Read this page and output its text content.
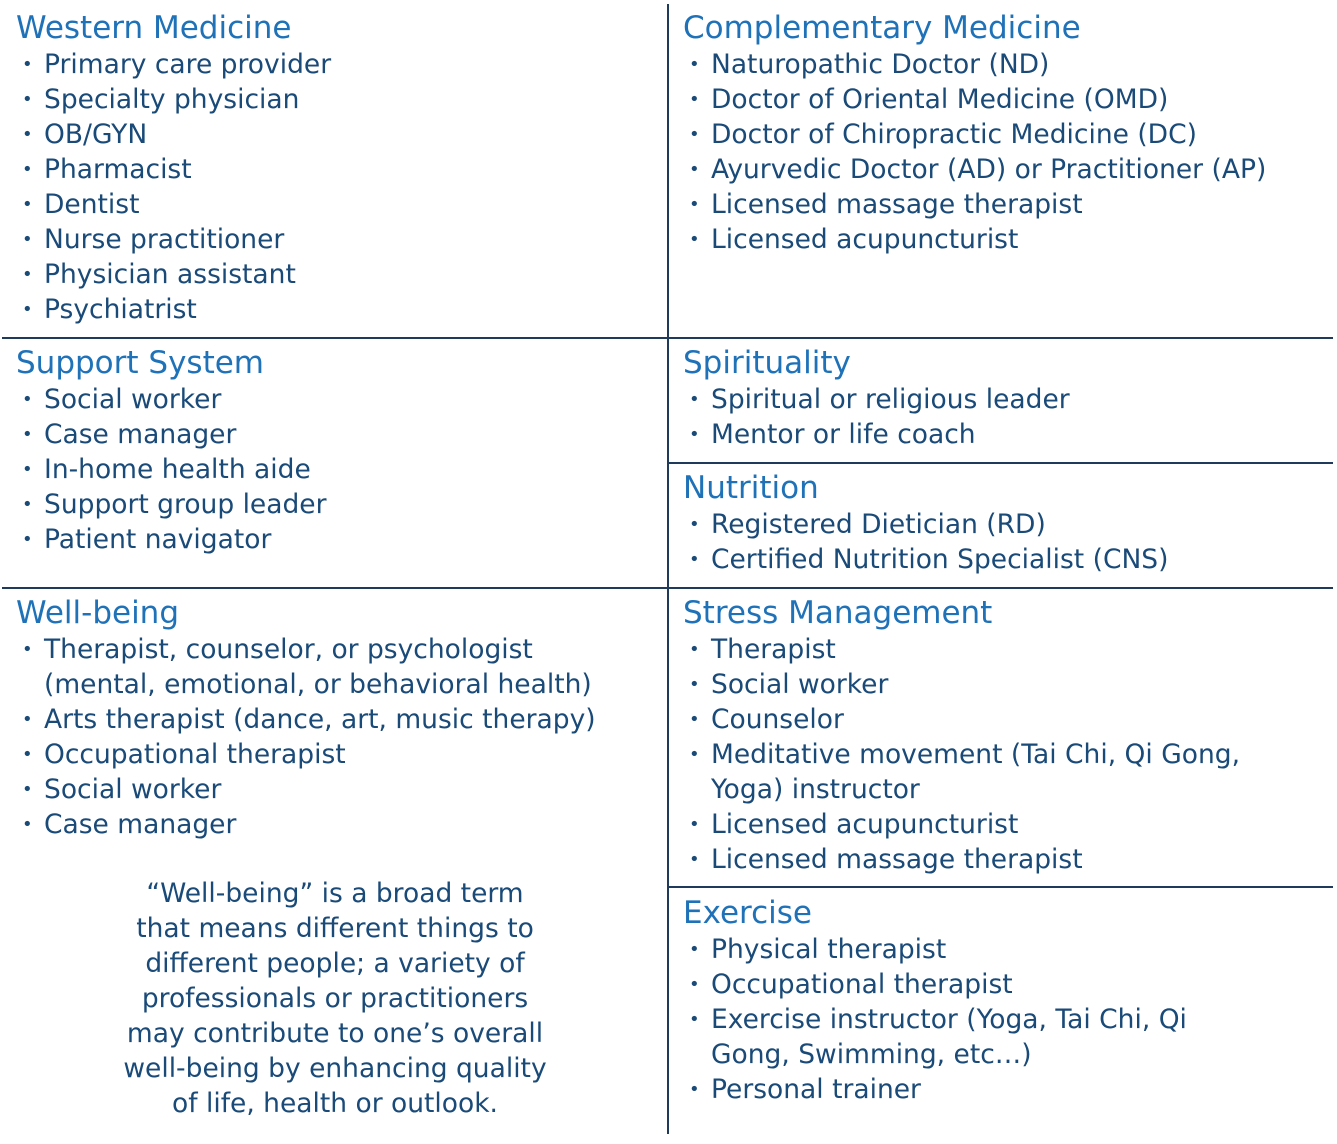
Western Medicine
• Primary care provider
• Specialty physician
• OB/GYN
• Pharmacist
• Dentist
• Nurse practitioner
• Physician assistant
• Psychiatrist
Complementary Medicine
• Naturopathic Doctor (ND)
• Doctor of Oriental Medicine (OMD)
• Doctor of Chiropractic Medicine (DC)
• Ayurvedic Doctor (AD) or Practitioner (AP)
• Licensed massage therapist
• Licensed acupuncturist
Support System
• Social worker
• Case manager
• In-home health aide
• Support group leader
• Patient navigator
Spirituality
• Spiritual or religious leader
• Mentor or life coach
Nutrition
• Registered Dietician (RD)
• Certified Nutrition Specialist (CNS)
Well-being
• Therapist, counselor, or psychologist
(mental, emotional, or behavioral health)
• Arts therapist (dance, art, music therapy)
• Occupational therapist
• Social worker
• Case manager
Stress Management
• Therapist
• Social worker
• Counselor
• Meditative movement (Tai Chi, Qi Gong,
Yoga) instructor
• Licensed acupuncturist
• Licensed massage therapist
Exercise
• Physical therapist
• Occupational therapist
• Exercise instructor (Yoga, Tai Chi, Qi
Gong, Swimming, etc…)
• Personal trainer

“Well-being” is a broad term
that means different things to
different people; a variety of
professionals or practitioners
may contribute to one’s overall
well-being by enhancing quality
of life, health or outlook.
